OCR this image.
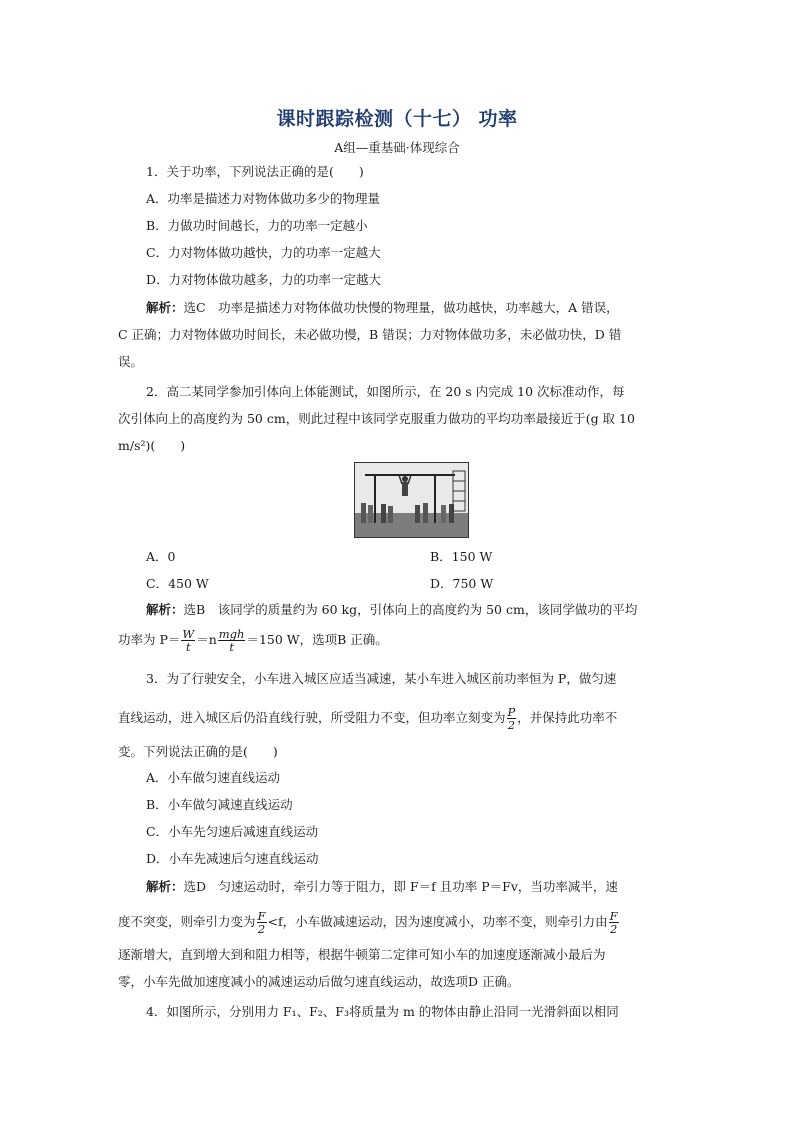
课时跟踪检测（十七） 功率
A组—重基础·体现综合
1．关于功率，下列说法正确的是(　　)
A．功率是描述力对物体做功多少的物理量
B．力做功时间越长，力的功率一定越小
C．力对物体做功越快，力的功率一定越大
D．力对物体做功越多，力的功率一定越大
解析：选C　功率是描述力对物体做功快慢的物理量，做功越快，功率越大，A 错误，
C 正确；力对物体做功时间长，未必做功慢，B 错误；力对物体做功多，未必做功快，D 错
误。
2．高二某同学参加引体向上体能测试，如图所示，在 20 s 内完成 10 次标准动作，每
次引体向上的高度约为 50 cm，则此过程中该同学克服重力做功的平均功率最接近于(g 取 10
m/s²)(　　)
A．0	B．150 W
C．450 W	D．750 W
解析：选B　该同学的质量约为 60 kg，引体向上的高度约为 50 cm，该同学做功的平均
功率为 $P= \frac{W}{t} =n \frac{\text{mgh}}{t} =150$ W，选项B 正确。
3．为了行驶安全，小车进入城区应适当减速，某小车进入城区前功率恒为 P，做匀速
直线运动，进入城区后仍沿直线行驶，所受阻力不变，但功率立刻变为 $\frac{P}{2}$ ，并保持此功率不
变。下列说法正确的是(　　)
A．小车做匀速直线运动
B．小车做匀减速直线运动
C．小车先匀速后减速直线运动
D．小车先减速后匀速直线运动
解析：选D　匀速运动时，牵引力等于阻力，即 F＝f 且功率 P＝Fv，当功率减半，速
度不突变，则牵引力变为 $\frac{F}{2} <f$，小车做减速运动，因为速度减小，功率不变，则牵引力由 $\frac{F}{2}$
逐渐增大，直到增大到和阻力相等，根据牛顿第二定律可知小车的加速度逐渐减小最后为
零，小车先做加速度减小的减速运动后做匀速直线运动，故选项D 正确。
4．如图所示，分别用力 F₁、F₂、F₃将质量为 m 的物体由静止沿同一光滑斜面以相同
